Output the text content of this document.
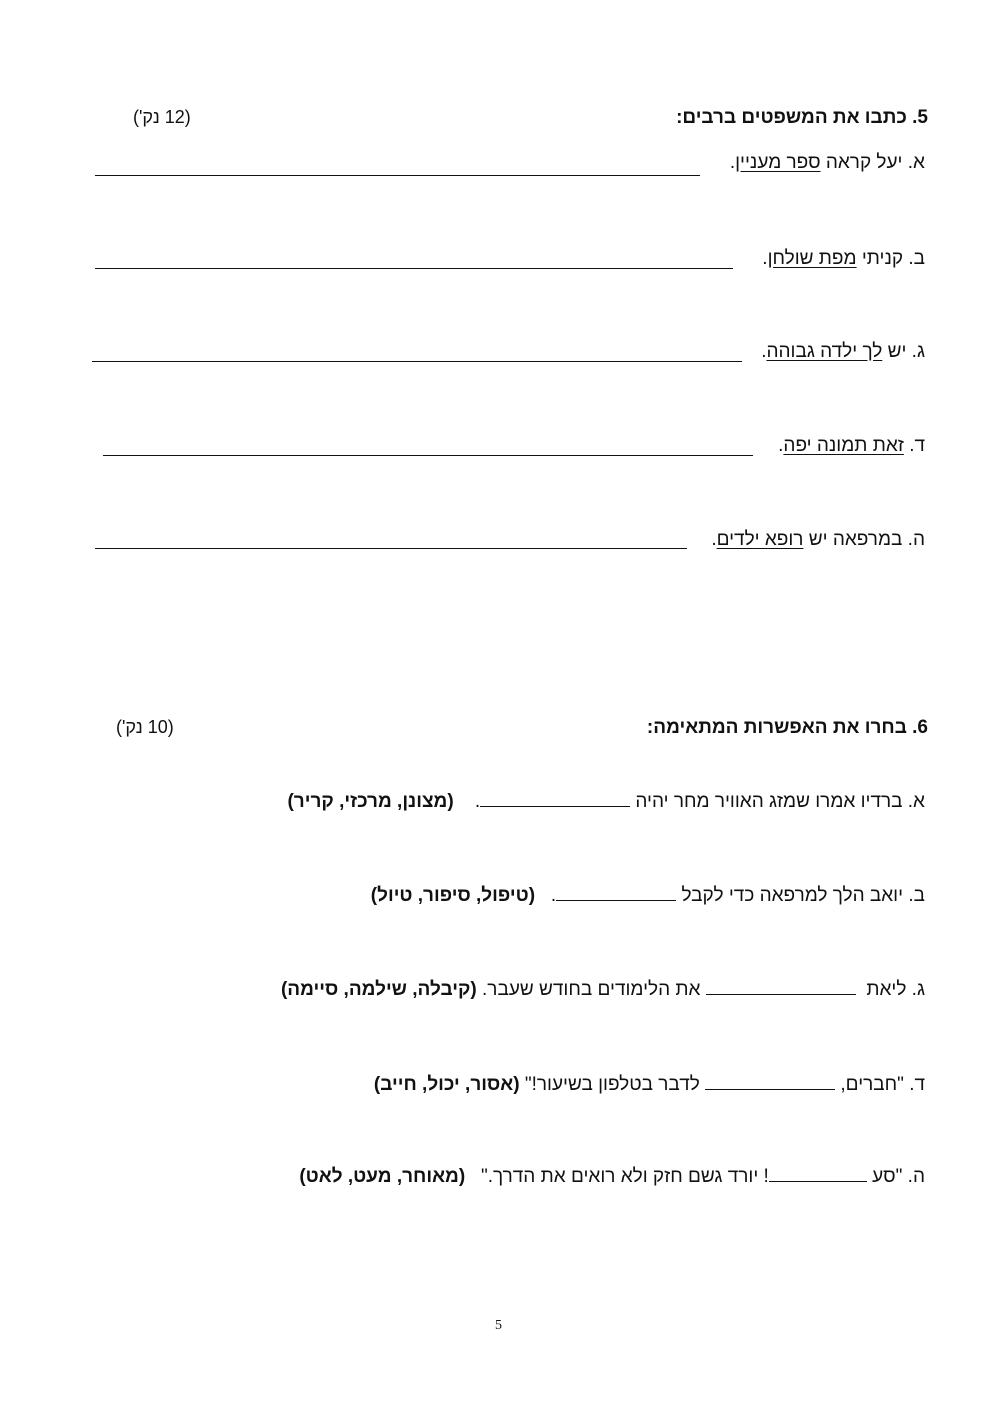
5. כתבו את המשפטים ברבים:
(12 נק')
א. יעל קראה ספר מעניין.
ב. קניתי מפת שולחן.
ג. יש לך ילדה גבוהה.
ד. זאת תמונה יפה.
ה. במרפאה יש רופא ילדים.
6. בחרו את האפשרות המתאימה:
(10 נק')
א. ברדיו אמרו שמזג האוויר מחר יהיה .    (מצונן, מרכזי, קריר)
ב. יואב הלך למרפאה כדי לקבל .   (טיפול, סיפור, טיול)
ג. ליאת   את הלימודים בחודש שעבר. (קיבלה, שילמה, סיימה)
ד. "חברים,  לדבר בטלפון בשיעור!" (אסור, יכול, חייב)
ה. "סע ! יורד גשם חזק ולא רואים את הדרך."   (מאוחר, מעט, לאט)
5
